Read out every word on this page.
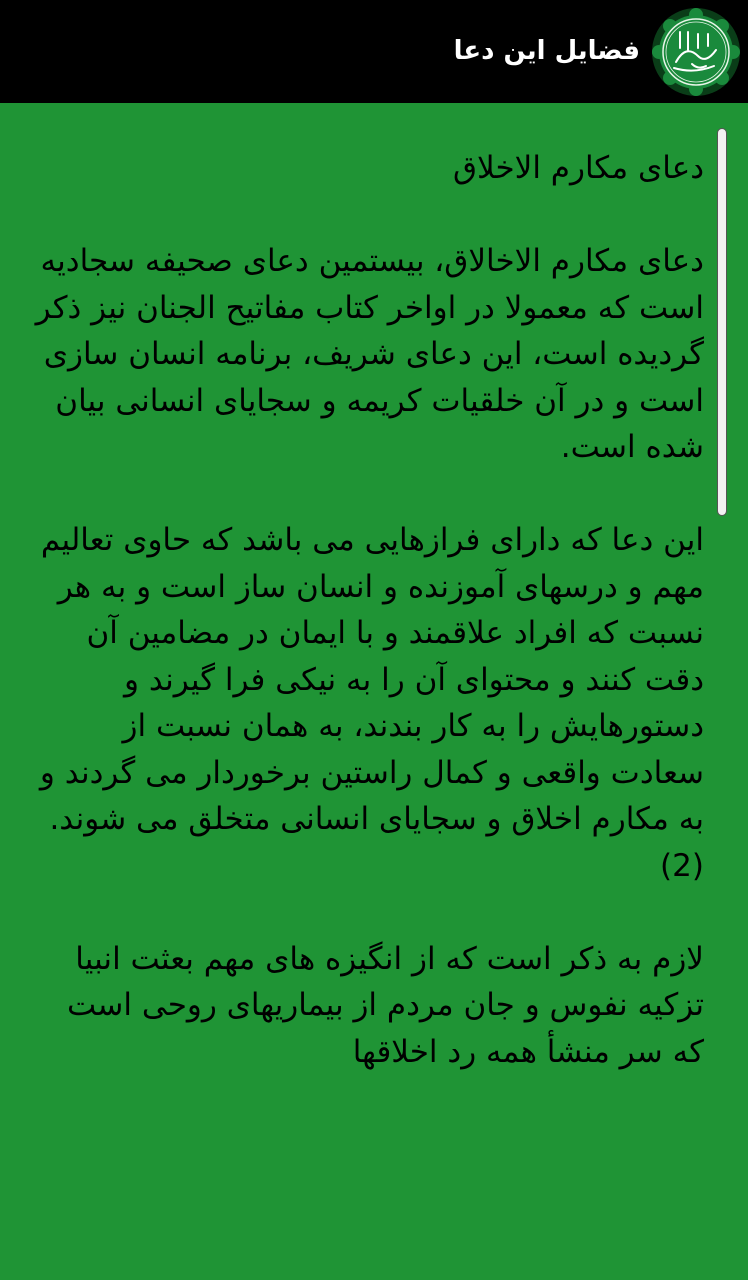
فضایل این دعا

دعای مکارم الاخلاق

دعای مکارم الاخالاق، بیستمین دعای صحیفه سجادیه است که معمولا در اواخر کتاب مفاتیح الجنان نیز ذکر گردیده است، این دعای شریف، برنامه انسان سازی است و در آن خلقیات کریمه و سجایای انسانی بیان شده است.

این دعا که دارای فرازهایی می باشد که حاوی تعالیم مهم و درسهای آموزنده و انسان ساز است و به هر نسبت که افراد علاقمند و با ایمان در مضامین آن دقت کنند و محتوای آن را به نیکی فرا گیرند و دستورهایش را به کار بندند، به همان نسبت از سعادت واقعی و کمال راستین برخوردار می گردند و به مکارم اخلاق و سجایای انسانی متخلق می شوند. (2)

لازم به ذکر است که از انگیزه های مهم بعثت انبیا تزکیه نفوس و جان مردم از بیماریهای روحی است که سر منشأ همه رد اخلاقها
